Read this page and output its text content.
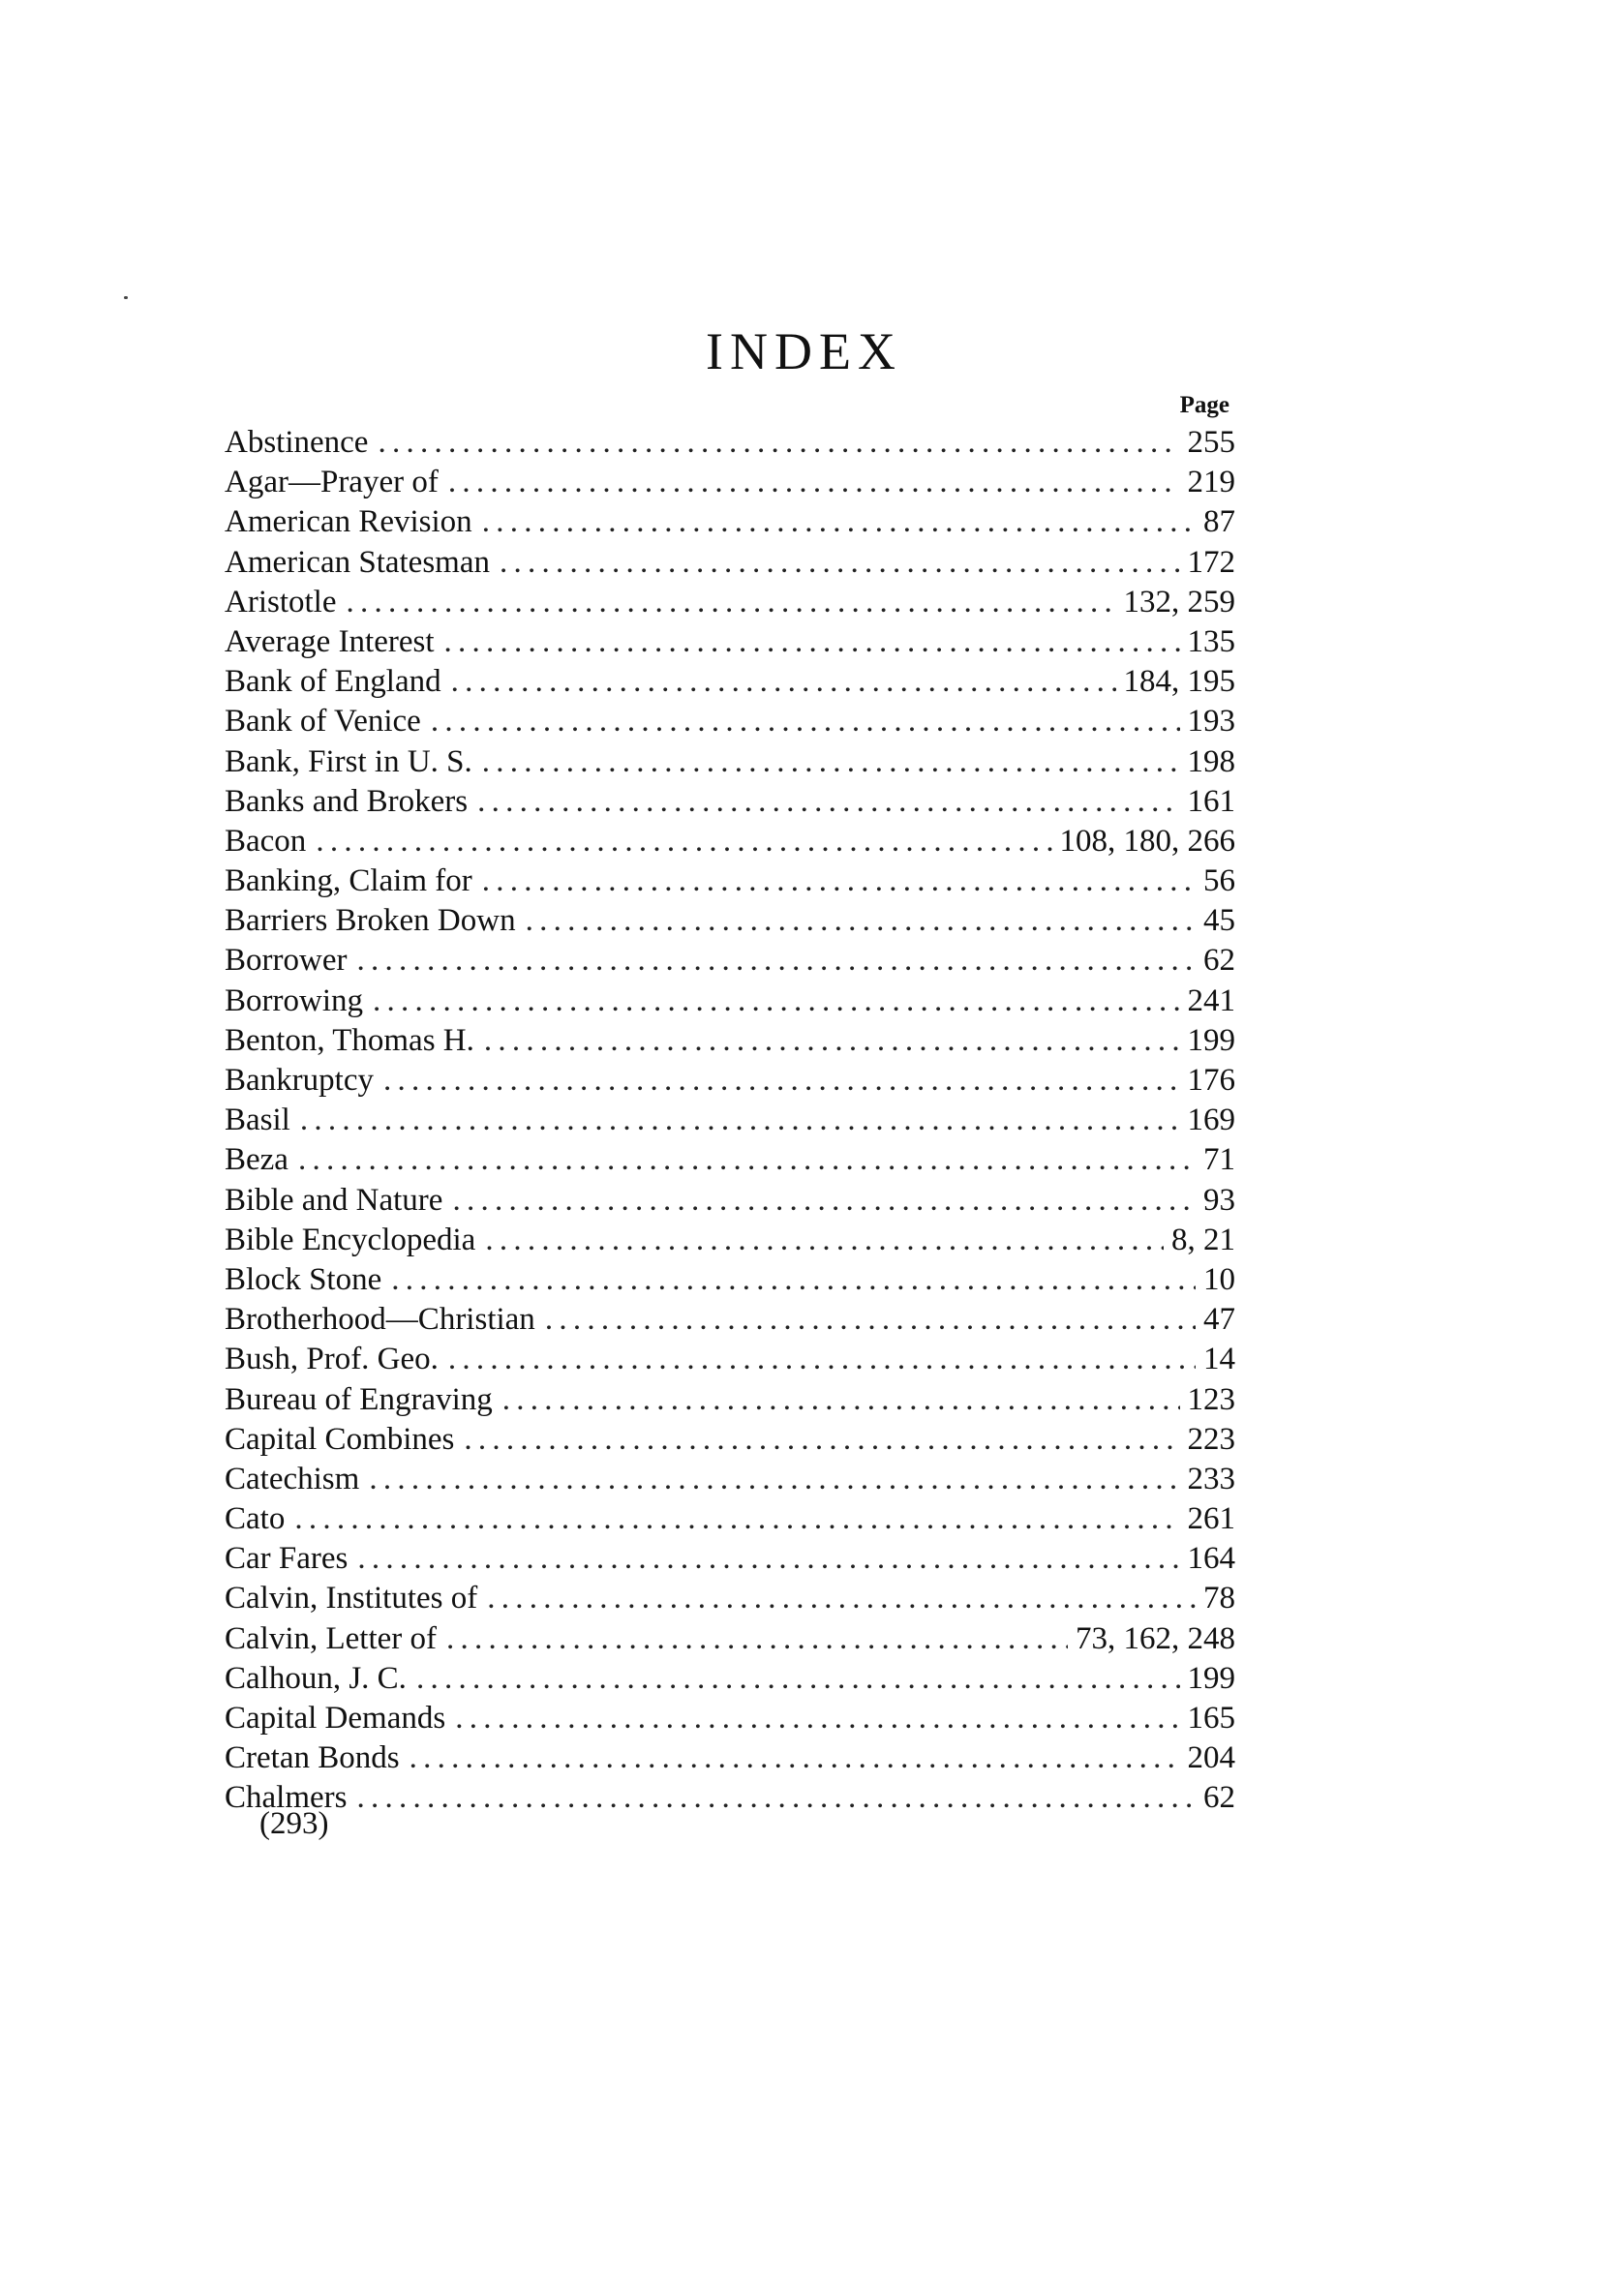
INDEX
Page
Abstinence . . .	255
Agar—Prayer of . . .	219
American Revision . . .	87
American Statesman . . .	172
Aristotle . . .	132, 259
Average Interest . . .	135
Bank of England . . .	184, 195
Bank of Venice . . .	193
Bank, First in U. S. . . .	198
Banks and Brokers . . .	161
Bacon . . .	108, 180, 266
Banking, Claim for . . .	56
Barriers Broken Down . . .	45
Borrower . . .	62
Borrowing . . .	241
Benton, Thomas H. . . .	199
Bankruptcy . . .	176
Basil . . .	169
Beza . . .	71
Bible and Nature . . .	93
Bible Encyclopedia . . .	8, 21
Block Stone . . .	10
Brotherhood—Christian . . .	47
Bush, Prof. Geo. . . .	14
Bureau of Engraving . . .	123
Capital Combines . . .	223
Catechism . . .	233
Cato . . .	261
Car Fares . . .	164
Calvin, Institutes of . . .	78
Calvin, Letter of . . .	73, 162, 248
Calhoun, J. C. . . .	199
Capital Demands . . .	165
Cretan Bonds . . .	204
Chalmers . . .	62
(293)
